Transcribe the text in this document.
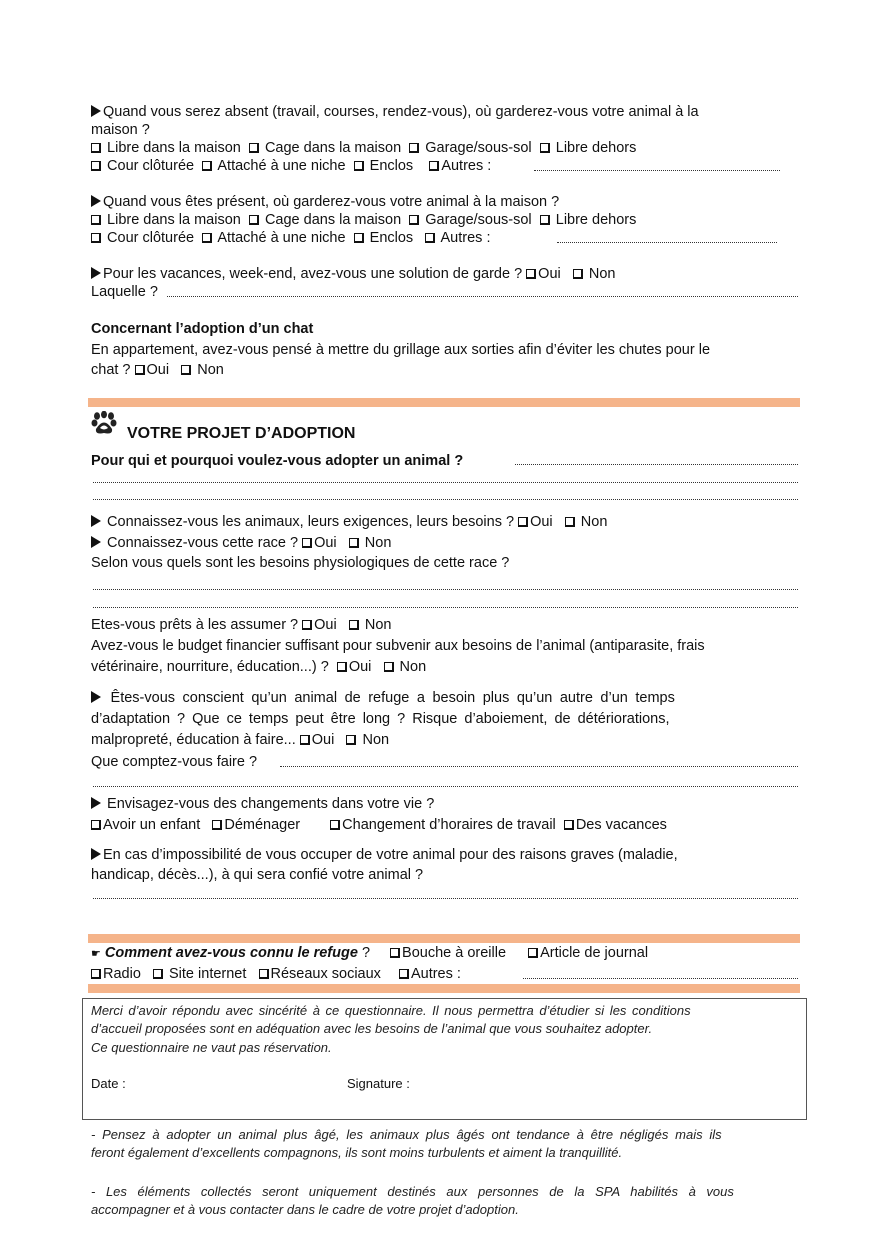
Quand vous serez absent (travail, courses, rendez-vous), où garderez-vous votre animal à la
maison ?
Libre dans la maison Cage dans la maison Garage/sous-sol Libre dehors
Cour clôturée Attaché à une niche Enclos Autres :
Quand vous êtes présent, où garderez-vous votre animal à la maison ?
Libre dans la maison Cage dans la maison Garage/sous-sol Libre dehors
Cour clôturée Attaché à une niche Enclos Autres :
Pour les vacances, week-end, avez-vous une solution de garde ? Oui Non
Laquelle ?
Concernant l’adoption d’un chat
En appartement, avez-vous pensé à mettre du grillage aux sorties afin d’éviter les chutes pour le
chat ? Oui Non
VOTRE PROJET D’ADOPTION
Pour qui et pourquoi voulez-vous adopter un animal ?
Connaissez-vous les animaux, leurs exigences, leurs besoins ? Oui Non
Connaissez-vous cette race ? Oui Non
Selon vous quels sont les besoins physiologiques de cette race ?
Etes-vous prêts à les assumer ? Oui Non
Avez-vous le budget financier suffisant pour subvenir aux besoins de l’animal (antiparasite, frais
vétérinaire, nourriture, éducation...) ? Oui Non
Êtes-vous conscient qu’un animal de refuge a besoin plus qu’un autre d’un temps
d’adaptation ? Que ce temps peut être long ? Risque d’aboiement, de détériorations,
malpropreté, éducation à faire... Oui Non
Que comptez-vous faire ?
Envisagez-vous des changements dans votre vie ?
Avoir un enfant Déménager	Changement d’horaires de travail Des vacances
En cas d’impossibilité de vous occuper de votre animal pour des raisons graves (maladie,
handicap, décès...), à qui sera confié votre animal ?
☛ Comment avez-vous connu le refuge ? Bouche à oreille Article de journal
Radio Site internet Réseaux sociaux Autres :
Merci d’avoir répondu avec sincérité à ce questionnaire. Il nous permettra d’étudier si les conditions
d’accueil proposées sont en adéquation avec les besoins de l’animal que vous souhaitez adopter.
Ce questionnaire ne vaut pas réservation.
Date :	Signature :
- Pensez à adopter un animal plus âgé, les animaux plus âgés ont tendance à être négligés mais ils
feront également d’excellents compagnons, ils sont moins turbulents et aiment la tranquillité.
- Les éléments collectés seront uniquement destinés aux personnes de la SPA habilités à vous
accompagner et à vous contacter dans le cadre de votre projet d’adoption.
